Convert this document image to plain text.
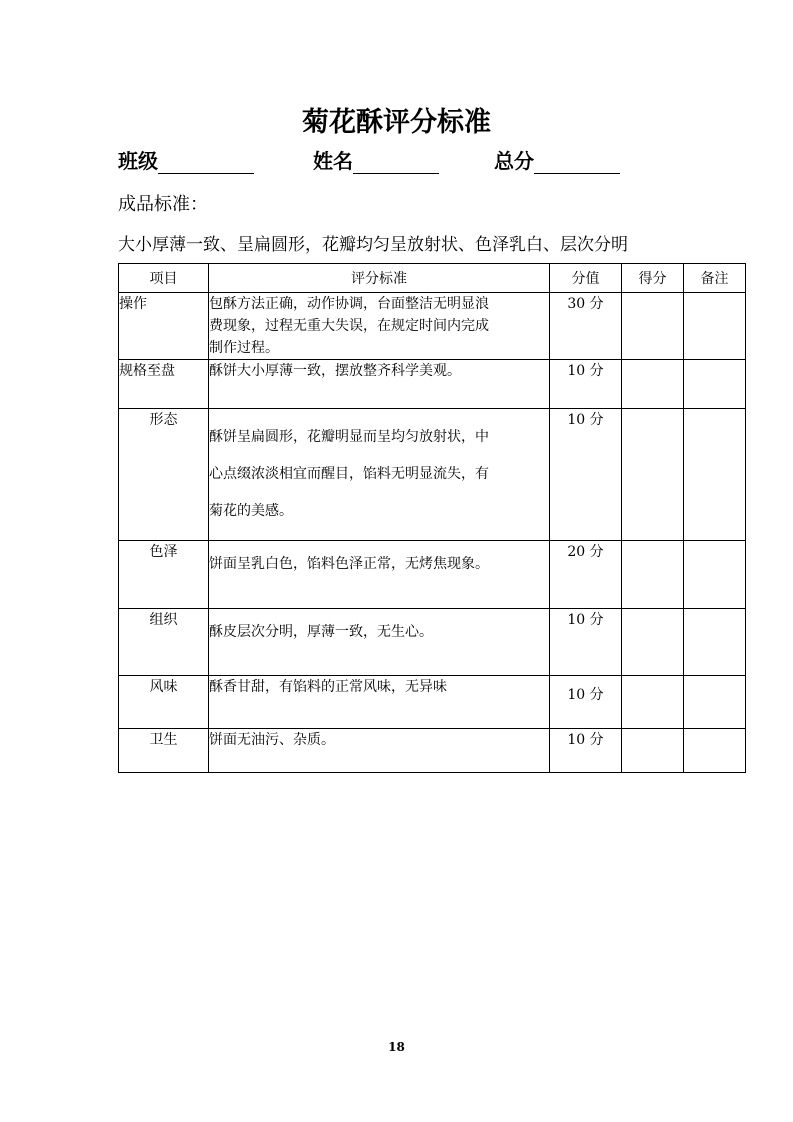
菊花酥评分标准
班级	姓名	总分
成品标准：
大小厚薄一致、呈扁圆形，花瓣均匀呈放射状、色泽乳白、层次分明
项目	评分标准	分值	得分	备注
操作	包酥方法正确，动作协调，台面整洁无明显浪
费现象，过程无重大失误，在规定时间内完成
制作过程。	30 分		
规格至盘	酥饼大小厚薄一致，摆放整齐科学美观。	10 分		
形态	酥饼呈扁圆形，花瓣明显而呈均匀放射状，中
心点缀浓淡相宜而醒目，馅料无明显流失，有
菊花的美感。	10 分		
色泽	饼面呈乳白色，馅料色泽正常，无烤焦现象。	20 分		
组织	酥皮层次分明，厚薄一致，无生心。	10 分		
风味	酥香甘甜，有馅料的正常风味，无异味	10 分		
卫生	饼面无油污、杂质。	10 分		
18
